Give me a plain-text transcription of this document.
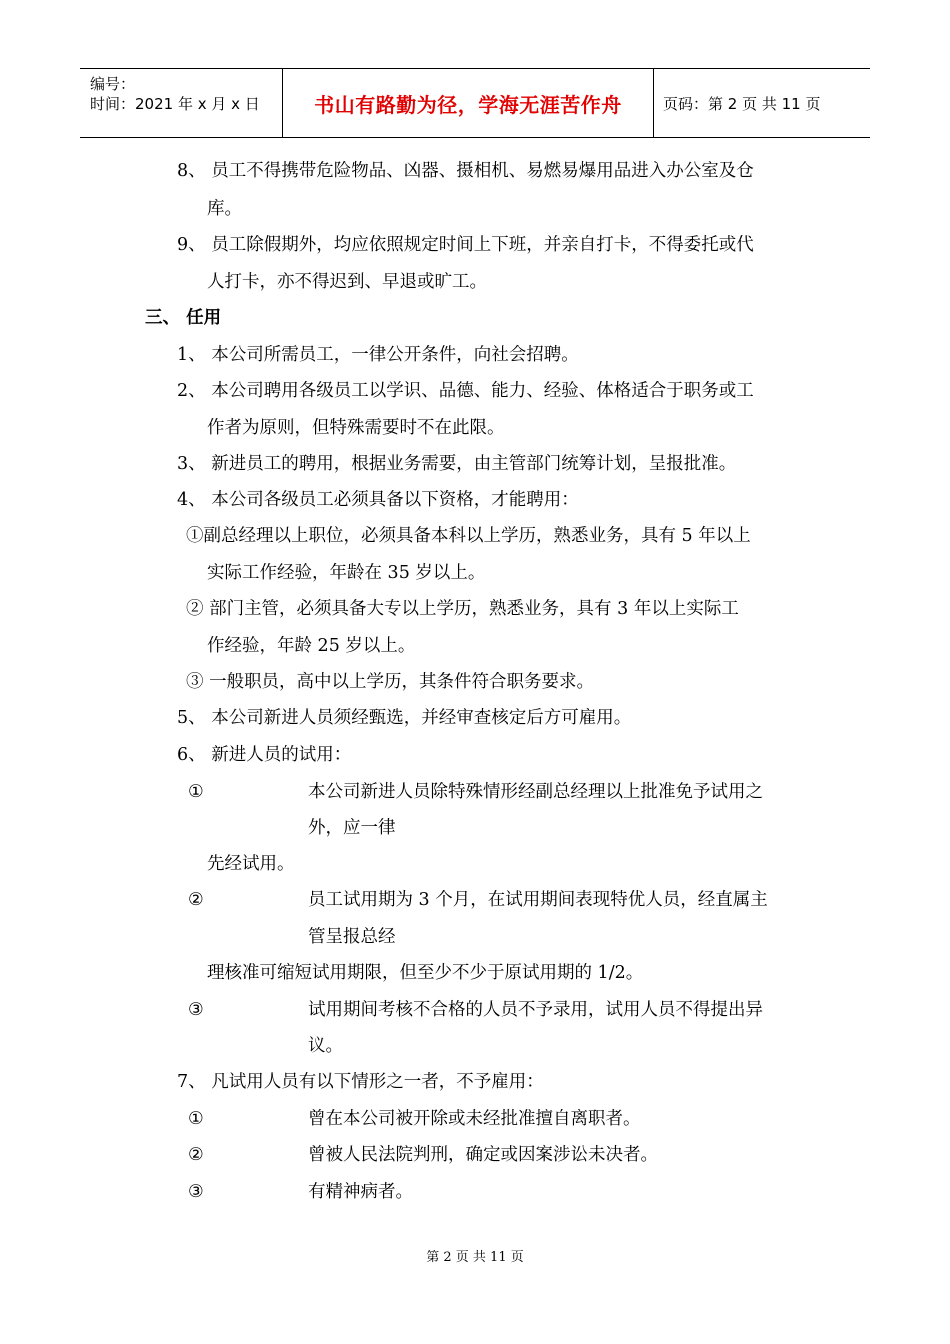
编号：
时间：2021 年 x 月 x 日	书山有路勤为径，学海无涯苦作舟	页码：第 2 页 共 11 页
8、 员工不得携带危险物品、凶器、摄相机、易燃易爆用品进入办公室及仓
库。
9、 员工除假期外，均应依照规定时间上下班，并亲自打卡，不得委托或代
人打卡，亦不得迟到、早退或旷工。
三、 任用
1、 本公司所需员工，一律公开条件，向社会招聘。
2、 本公司聘用各级员工以学识、品德、能力、经验、体格适合于职务或工
作者为原则，但特殊需要时不在此限。
3、 新进员工的聘用，根据业务需要，由主管部门统筹计划，呈报批准。
4、 本公司各级员工必须具备以下资格，才能聘用：
①副总经理以上职位，必须具备本科以上学历，熟悉业务，具有 5 年以上
实际工作经验，年龄在 35 岁以上。
② 部门主管，必须具备大专以上学历，熟悉业务，具有 3 年以上实际工
作经验，年龄 25 岁以上。
③ 一般职员，高中以上学历，其条件符合职务要求。
5、 本公司新进人员须经甄选，并经审查核定后方可雇用。
6、 新进人员的试用：
①	本公司新进人员除特殊情形经副总经理以上批准免予试用之
外，应一律
先经试用。
②	员工试用期为 3 个月，在试用期间表现特优人员，经直属主
管呈报总经
理核准可缩短试用期限，但至少不少于原试用期的 1/2。
③	试用期间考核不合格的人员不予录用，试用人员不得提出异
议。
7、 凡试用人员有以下情形之一者，不予雇用：
①	曾在本公司被开除或未经批准擅自离职者。
②	曾被人民法院判刑，确定或因案涉讼未决者。
③	有精神病者。
第 2 页 共 11 页
